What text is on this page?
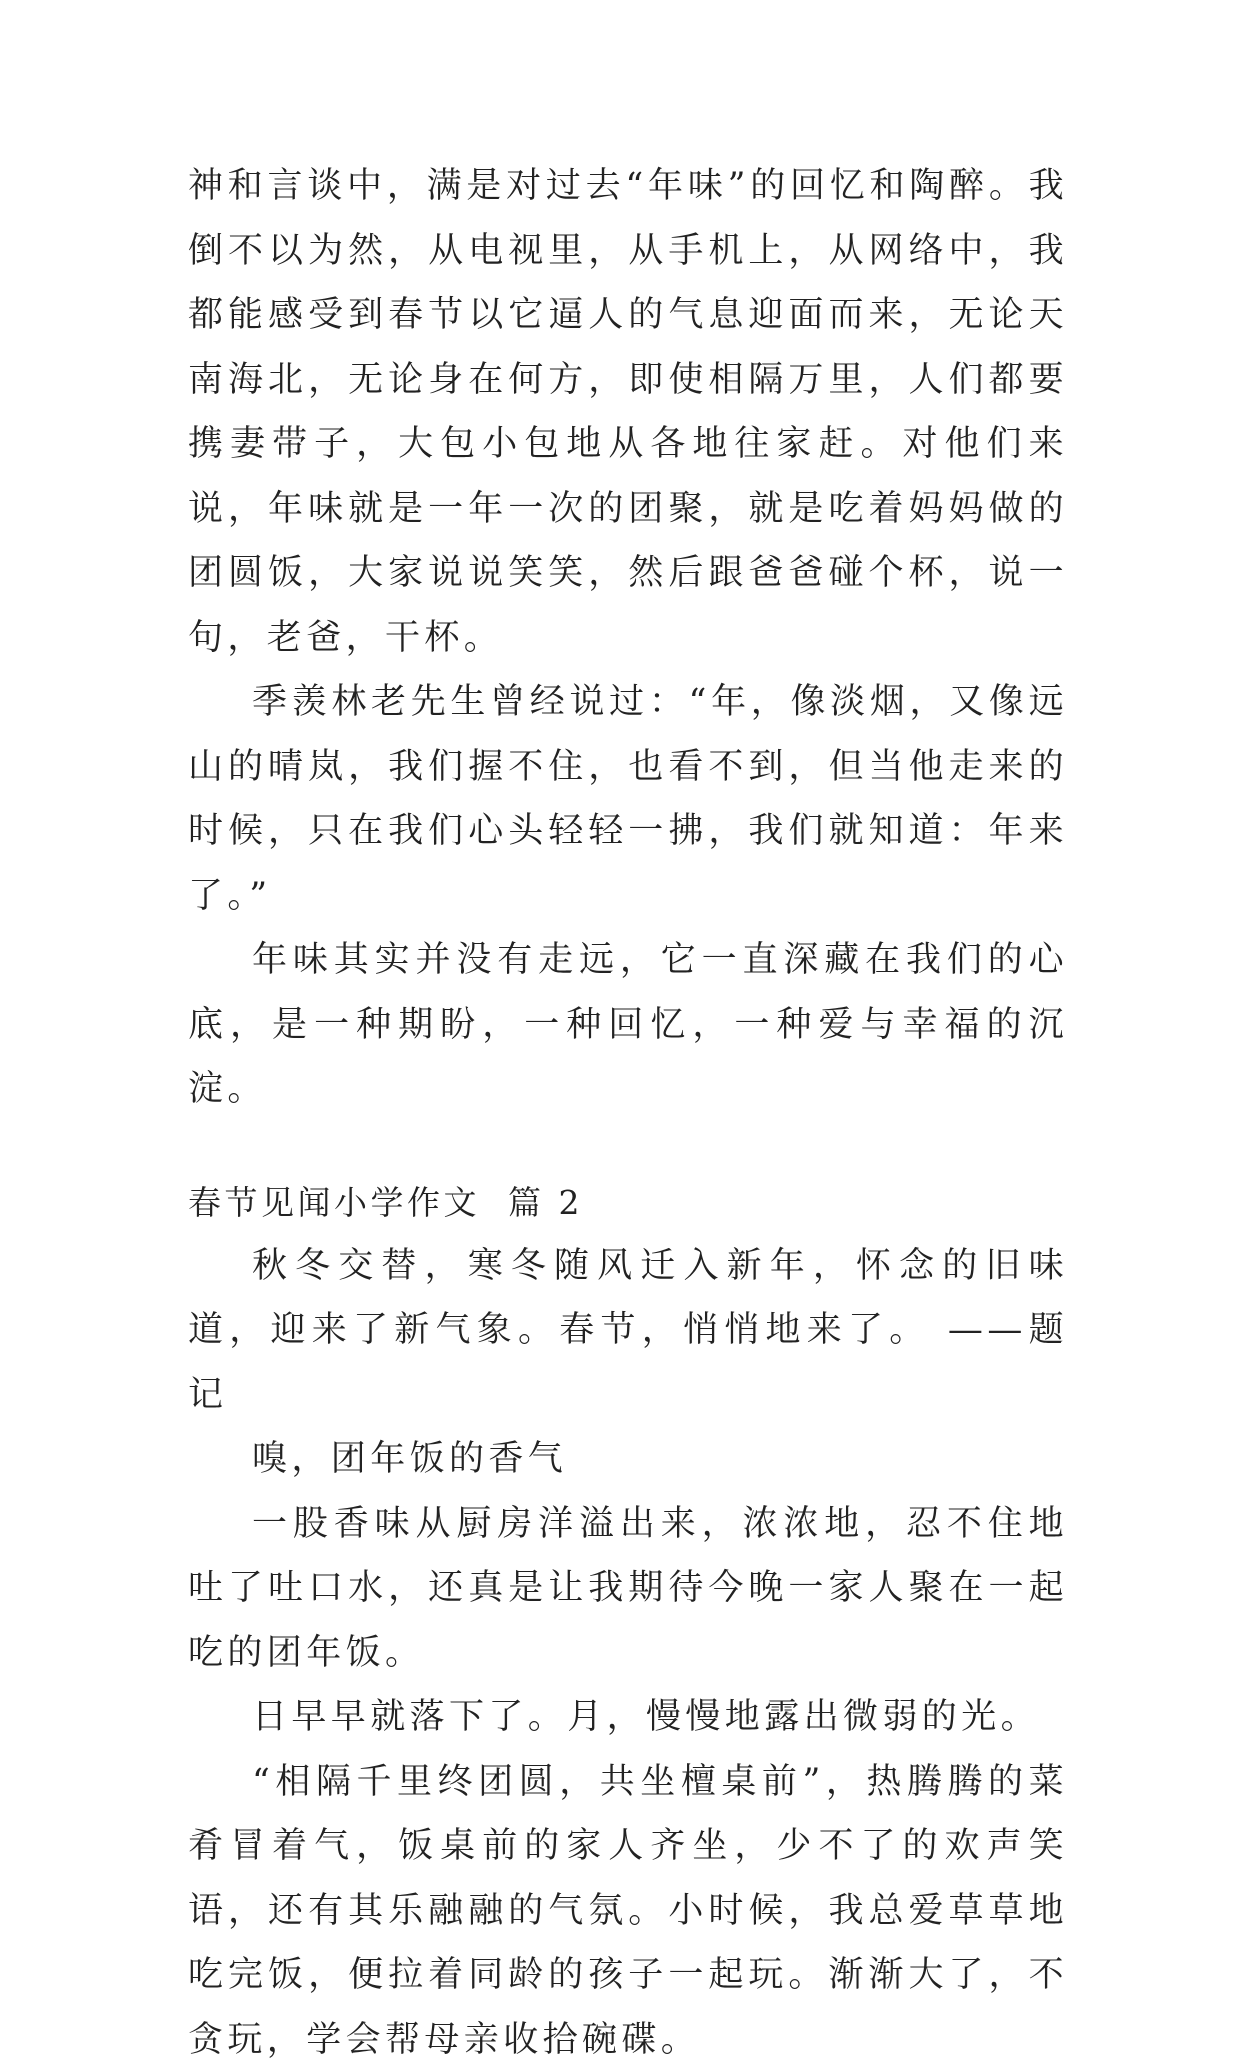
神和言谈中，满是对过去“年味”的回忆和陶醉。我倒不以为然，从电视里，从手机上，从网络中，我都能感受到春节以它逼人的气息迎面而来，无论天南海北，无论身在何方，即使相隔万里，人们都要携妻带子，大包小包地从各地往家赶。对他们来说，年味就是一年一次的团聚，就是吃着妈妈做的团圆饭，大家说说笑笑，然后跟爸爸碰个杯，说一句，老爸，干杯。

季羡林老先生曾经说过：“年，像淡烟，又像远山的晴岚，我们握不住，也看不到，但当他走来的时候，只在我们心头轻轻一拂，我们就知道：年来了。”

年味其实并没有走远，它一直深藏在我们的心底，是一种期盼，一种回忆，一种爱与幸福的沉淀。

春节见闻小学作文  篇 2

秋冬交替，寒冬随风迁入新年，怀念的旧味道，迎来了新气象。春节，悄悄地来了。 ——题记

嗅，团年饭的香气

一股香味从厨房洋溢出来，浓浓地，忍不住地吐了吐口水，还真是让我期待今晚一家人聚在一起吃的团年饭。

日早早就落下了。月，慢慢地露出微弱的光。

“相隔千里终团圆，共坐檀桌前”，热腾腾的菜肴冒着气，饭桌前的家人齐坐，少不了的欢声笑语，还有其乐融融的气氛。小时候，我总爱草草地吃完饭，便拉着同龄的孩子一起玩。渐渐大了，不贪玩，学会帮母亲收拾碗碟。
